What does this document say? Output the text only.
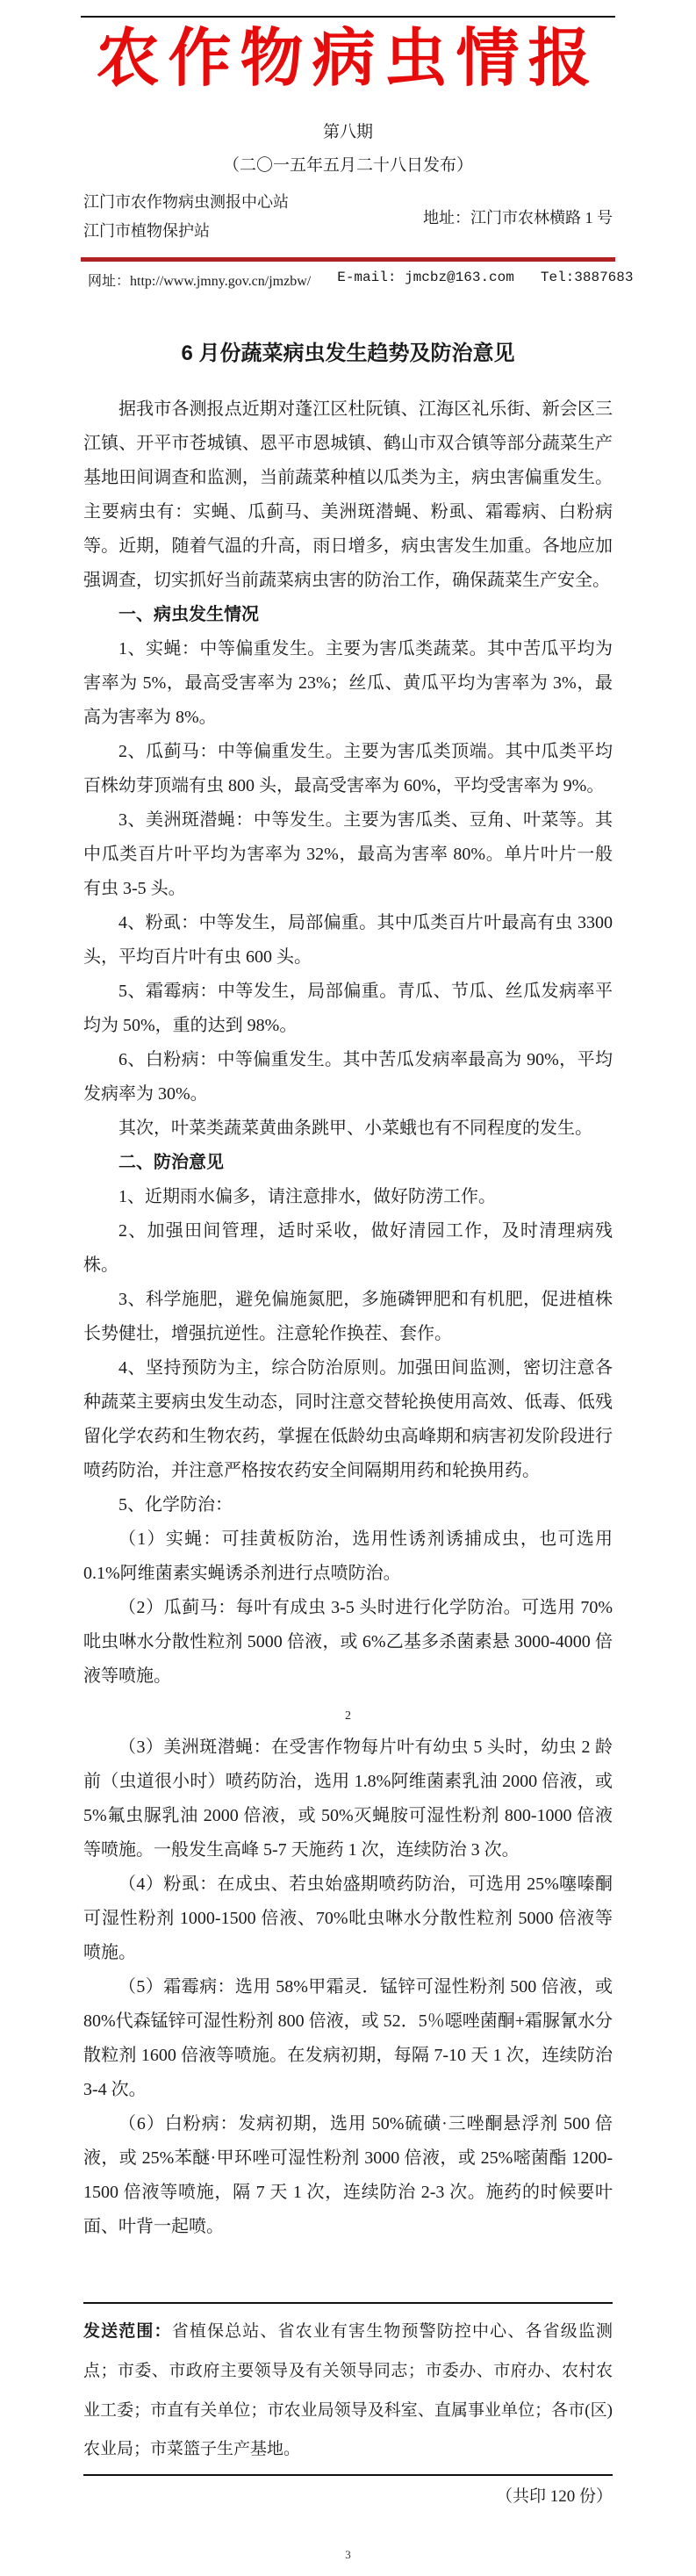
农作物病虫情报
第八期
（二〇一五年五月二十八日发布）
江门市农作物病虫测报中心站
江门市植物保护站
地址：江门市农林横路 1 号
网址：http://www.jmny.gov.cn/jmzbw/ E-mail: jmcbz@163.com Tel:3887683
6 月份蔬菜病虫发生趋势及防治意见

据我市各测报点近期对蓬江区杜阮镇、江海区礼乐街、新会区三江镇、开平市苍城镇、恩平市恩城镇、鹤山市双合镇等部分蔬菜生产基地田间调查和监测，当前蔬菜种植以瓜类为主，病虫害偏重发生。主要病虫有：实蝇、瓜蓟马、美洲斑潜蝇、粉虱、霜霉病、白粉病等。近期，随着气温的升高，雨日增多，病虫害发生加重。各地应加强调查，切实抓好当前蔬菜病虫害的防治工作，确保蔬菜生产安全。

一、病虫发生情况

1、实蝇：中等偏重发生。主要为害瓜类蔬菜。其中苦瓜平均为害率为 5%，最高受害率为 23%；丝瓜、黄瓜平均为害率为 3%，最高为害率为 8%。

2、瓜蓟马：中等偏重发生。主要为害瓜类顶端。其中瓜类平均百株幼芽顶端有虫 800 头，最高受害率为 60%，平均受害率为 9%。

3、美洲斑潜蝇：中等发生。主要为害瓜类、豆角、叶菜等。其中瓜类百片叶平均为害率为 32%，最高为害率 80%。单片叶片一般有虫 3-5 头。

4、粉虱：中等发生，局部偏重。其中瓜类百片叶最高有虫 3300 头，平均百片叶有虫 600 头。

5、霜霉病：中等发生，局部偏重。青瓜、节瓜、丝瓜发病率平均为 50%，重的达到 98%。

6、白粉病：中等偏重发生。其中苦瓜发病率最高为 90%，平均发病率为 30%。

其次，叶菜类蔬菜黄曲条跳甲、小菜蛾也有不同程度的发生。

二、防治意见

1、近期雨水偏多，请注意排水，做好防涝工作。

2、加强田间管理，适时采收，做好清园工作，及时清理病残株。

3、科学施肥，避免偏施氮肥，多施磷钾肥和有机肥，促进植株长势健壮，增强抗逆性。注意轮作换茬、套作。

4、坚持预防为主，综合防治原则。加强田间监测，密切注意各种蔬菜主要病虫发生动态，同时注意交替轮换使用高效、低毒、低残留化学农药和生物农药，掌握在低龄幼虫高峰期和病害初发阶段进行喷药防治，并注意严格按农药安全间隔期用药和轮换用药。

5、化学防治：

（1）实蝇：可挂黄板防治，选用性诱剂诱捕成虫，也可选用 0.1%阿维菌素实蝇诱杀剂进行点喷防治。

（2）瓜蓟马：每叶有成虫 3-5 头时进行化学防治。可选用 70%吡虫啉水分散性粒剂 5000 倍液，或 6%乙基多杀菌素悬 3000-4000 倍液等喷施。

2

（3）美洲斑潜蝇：在受害作物每片叶有幼虫 5 头时，幼虫 2 龄前（虫道很小时）喷药防治，选用 1.8%阿维菌素乳油 2000 倍液，或 5%氟虫脲乳油 2000 倍液，或 50%灭蝇胺可湿性粉剂 800-1000 倍液等喷施。一般发生高峰 5-7 天施药 1 次，连续防治 3 次。

（4）粉虱：在成虫、若虫始盛期喷药防治，可选用 25%噻嗪酮可湿性粉剂 1000-1500 倍液、70%吡虫啉水分散性粒剂 5000 倍液等喷施。

（5）霜霉病：选用 58%甲霜灵．锰锌可湿性粉剂 500 倍液，或 80%代森锰锌可湿性粉剂 800 倍液，或 52．5％噁唑菌酮+霜脲氰水分散粒剂 1600 倍液等喷施。在发病初期，每隔 7-10 天 1 次，连续防治 3-4 次。

（6）白粉病：发病初期，选用 50%硫磺·三唑酮悬浮剂 500 倍液，或 25%苯醚·甲环唑可湿性粉剂 3000 倍液，或 25%嘧菌酯 1200-1500 倍液等喷施，隔 7 天 1 次，连续防治 2-3 次。施药的时候要叶面、叶背一起喷。

发送范围：省植保总站、省农业有害生物预警防控中心、各省级监测点；市委、市政府主要领导及有关领导同志；市委办、市府办、农村农业工委；市直有关单位；市农业局领导及科室、直属事业单位；各市(区)农业局；市菜篮子生产基地。
（共印 120 份）
3
